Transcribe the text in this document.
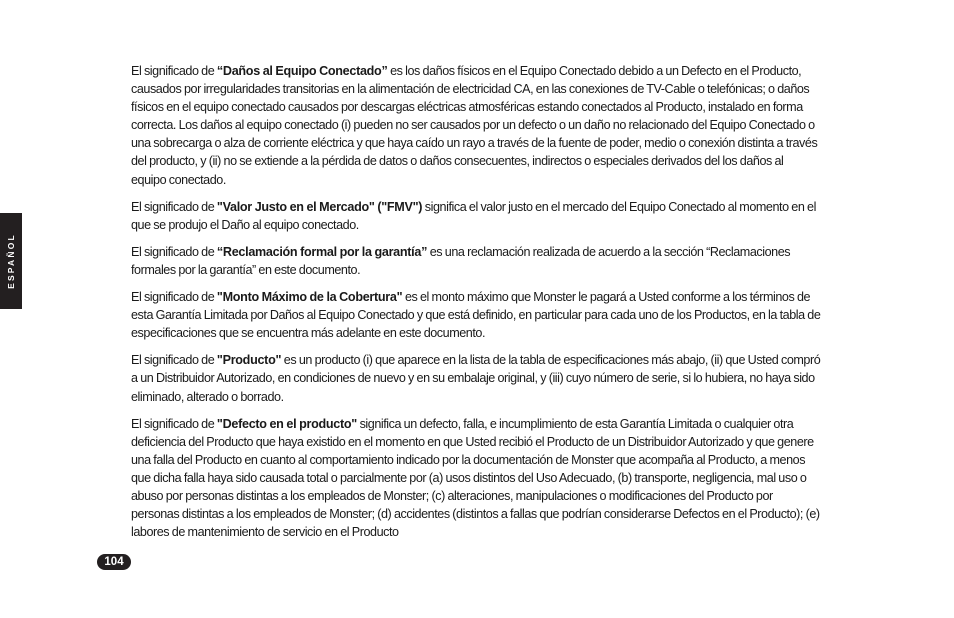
ESPAÑOL

El significado de “Daños al Equipo Conectado” es los daños físicos en el Equipo Conectado debido a un Defecto en el Producto, causados por irregularidades transitorias en la alimentación de electricidad CA, en las conexiones de TV-Cable o telefónicas; o daños físicos en el equipo conectado causados por descargas eléctricas atmosféricas estando conectados al Producto, instalado en forma correcta. Los daños al equipo conectado (i) pueden no ser causados por un defecto o un daño no relacionado del Equipo Conectado o una sobrecarga o alza de corriente eléctrica y que haya caído un rayo a través de la fuente de poder, medio o conexión distinta a través del producto, y (ii) no se extiende a la pérdida de datos o daños consecuentes, indirectos o especiales derivados del los daños al equipo conectado.

El significado de "Valor Justo en el Mercado" ("FMV") significa el valor justo en el mercado del Equipo Conectado al momento en el que se produjo el Daño al equipo conectado.

El significado de “Reclamación formal por la garantía” es una reclamación realizada de acuerdo a la sección “Reclamaciones formales por la garantía” en este documento.

El significado de "Monto Máximo de la Cobertura" es el monto máximo que Monster le pagará a Usted conforme a los términos de esta Garantía Limitada por Daños al Equipo Conectado y que está definido, en particular para cada uno de los Productos, en la tabla de especificaciones que se encuentra más adelante en este documento.

El significado de "Producto" es un producto (i) que aparece en la lista de la tabla de especificaciones más abajo, (ii) que Usted compró a un Distribuidor Autorizado, en condiciones de nuevo y en su embalaje original, y (iii) cuyo número de serie, si lo hubiera, no haya sido eliminado, alterado o borrado.

El significado de "Defecto en el producto" significa un defecto, falla, e incumplimiento de esta Garantía Limitada o cualquier otra deficiencia del Producto que haya existido en el momento en que Usted recibió el Producto de un Distribuidor Autorizado y que genere una falla del Producto en cuanto al comportamiento indicado por la documentación de Monster que acompaña al Producto, a menos que dicha falla haya sido causada total o parcialmente por (a) usos distintos del Uso Adecuado, (b) transporte, negligencia, mal uso o abuso por personas distintas a los empleados de Monster; (c) alteraciones, manipulaciones o modificaciones del Producto por personas distintas a los empleados de Monster; (d) accidentes (distintos a fallas que podrían considerarse Defectos en el Producto); (e) labores de mantenimiento de servicio en el Producto

104
